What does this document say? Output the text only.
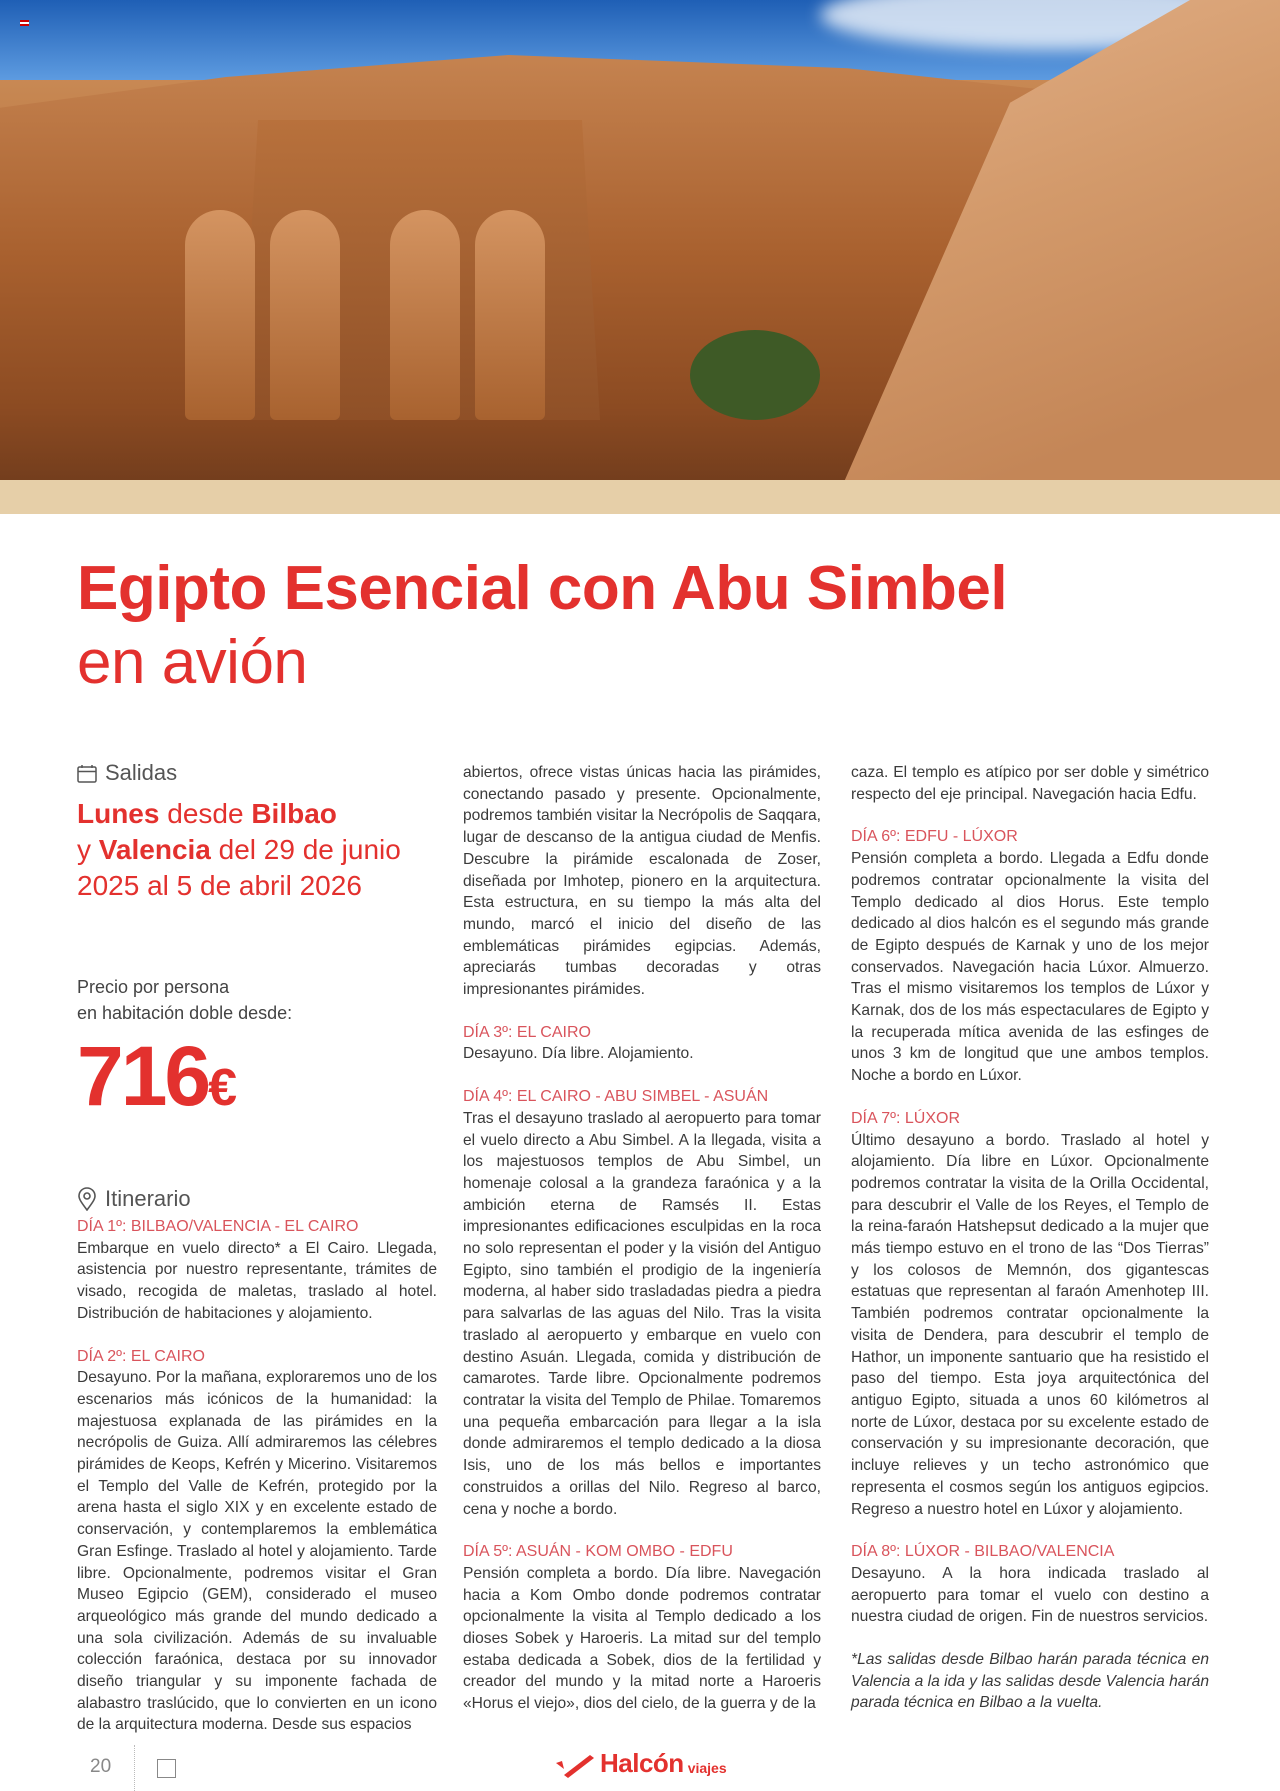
Egipto Esencial con Abu Simbel
en avión
Salidas
Lunes desde Bilbao
y Valencia del 29 de junio
2025 al 5 de abril 2026
Precio por persona
en habitación doble desde:
716€
Itinerario
DÍA 1º: BILBAO/VALENCIA - EL CAIRO

Embarque en vuelo directo* a El Cairo. Llegada, asistencia por nuestro representante, trámites de visado, recogida de maletas, traslado al hotel. Distribución de habitaciones y alojamiento.

DÍA 2º: EL CAIRO

Desayuno. Por la mañana, exploraremos uno de los escenarios más icónicos de la humanidad: la majestuosa explanada de las pirámides en la necrópolis de Guiza. Allí admiraremos las célebres pirámides de Keops, Kefrén y Micerino. Visitaremos el Templo del Valle de Kefrén, protegido por la arena hasta el siglo XIX y en excelente estado de conservación, y contemplaremos la emblemática Gran Esfinge. Traslado al hotel y alojamiento. Tarde libre. Opcionalmente, podremos visitar el Gran Museo Egipcio (GEM), considerado el museo arqueológico más grande del mundo dedicado a una sola civilización. Además de su invaluable colección faraónica, destaca por su innovador diseño triangular y su imponente fachada de alabastro traslúcido, que lo convierten en un icono de la arquitectura moderna. Desde sus espacios

abiertos, ofrece vistas únicas hacia las pirámides, conectando pasado y presente. Opcionalmente, podremos también visitar la Necrópolis de Saqqara, lugar de descanso de la antigua ciudad de Menfis. Descubre la pirámide escalonada de Zoser, diseñada por Imhotep, pionero en la arquitectura. Esta estructura, en su tiempo la más alta del mundo, marcó el inicio del diseño de las emblemáticas pirámides egipcias. Además, apreciarás tumbas decoradas y otras impresionantes pirámides.

DÍA 3º: EL CAIRO

Desayuno. Día libre. Alojamiento.

DÍA 4º: EL CAIRO - ABU SIMBEL - ASUÁN

Tras el desayuno traslado al aeropuerto para tomar el vuelo directo a Abu Simbel. A la llegada, visita a los majestuosos templos de Abu Simbel, un homenaje colosal a la grandeza faraónica y a la ambición eterna de Ramsés II. Estas impresionantes edificaciones esculpidas en la roca no solo representan el poder y la visión del Antiguo Egipto, sino también el prodigio de la ingeniería moderna, al haber sido trasladadas piedra a piedra para salvarlas de las aguas del Nilo. Tras la visita traslado al aeropuerto y embarque en vuelo con destino Asuán. Llegada, comida y distribución de camarotes. Tarde libre. Opcionalmente podremos contratar la visita del Templo de Philae. Tomaremos una pequeña embarcación para llegar a la isla donde admiraremos el templo dedicado a la diosa Isis, uno de los más bellos e importantes construidos a orillas del Nilo. Regreso al barco, cena y noche a bordo.

DÍA 5º: ASUÁN - KOM OMBO - EDFU

Pensión completa a bordo. Día libre. Navegación hacia a Kom Ombo donde podremos contratar opcionalmente la visita al Templo dedicado a los dioses Sobek y Haroeris. La mitad sur del templo estaba dedicada a Sobek, dios de la fertilidad y creador del mundo y la mitad norte a Haroeris «Horus el viejo», dios del cielo, de la guerra y de la

caza. El templo es atípico por ser doble y simétrico respecto del eje principal. Navegación hacia Edfu.

DÍA 6º: EDFU - LÚXOR

Pensión completa a bordo. Llegada a Edfu donde podremos contratar opcionalmente la visita del Templo dedicado al dios Horus. Este templo dedicado al dios halcón es el segundo más grande de Egipto después de Karnak y uno de los mejor conservados. Navegación hacia Lúxor. Almuerzo. Tras el mismo visitaremos los templos de Lúxor y Karnak, dos de los más espectaculares de Egipto y la recuperada mítica avenida de las esfinges de unos 3 km de longitud que une ambos templos. Noche a bordo en Lúxor.

DÍA 7º: LÚXOR

Último desayuno a bordo. Traslado al hotel y alojamiento. Día libre en Lúxor. Opcionalmente podremos contratar la visita de la Orilla Occidental, para descubrir el Valle de los Reyes, el Templo de la reina-faraón Hatshepsut dedicado a la mujer que más tiempo estuvo en el trono de las “Dos Tierras” y los colosos de Memnón, dos gigantescas estatuas que representan al faraón Amenhotep III. También podremos contratar opcionalmente la visita de Dendera, para descubrir el templo de Hathor, un imponente santuario que ha resistido el paso del tiempo. Esta joya arquitectónica del antiguo Egipto, situada a unos 60 kilómetros al norte de Lúxor, destaca por su excelente estado de conservación y su impresionante decoración, que incluye relieves y un techo astronómico que representa el cosmos según los antiguos egipcios. Regreso a nuestro hotel en Lúxor y alojamiento.

DÍA 8º: LÚXOR - BILBAO/VALENCIA

Desayuno. A la hora indicada traslado al aeropuerto para tomar el vuelo con destino a nuestra ciudad de origen. Fin de nuestros servicios.

*Las salidas desde Bilbao harán parada técnica en Valencia a la ida y las salidas desde Valencia harán parada técnica en Bilbao a la vuelta.

20	Halcón viajes
